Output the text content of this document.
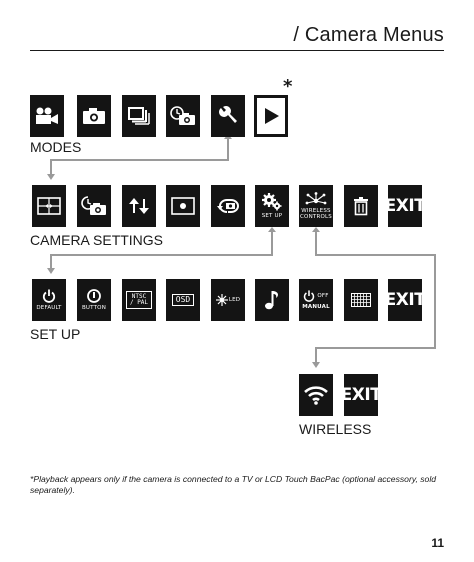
/ Camera Menus
*
MODES
SET UP
WIRELESS CONTROLS
EXIT
CAMERA SETTINGS
DEFAULT	BUTTON
NTSC / PAL	OSD	LED
OFF
MANUAL	EXIT
SET UP
EXIT
WIRELESS
*Playback appears only if the camera is connected to a TV or LCD Touch BacPac (optional accessory, sold separately).
11
